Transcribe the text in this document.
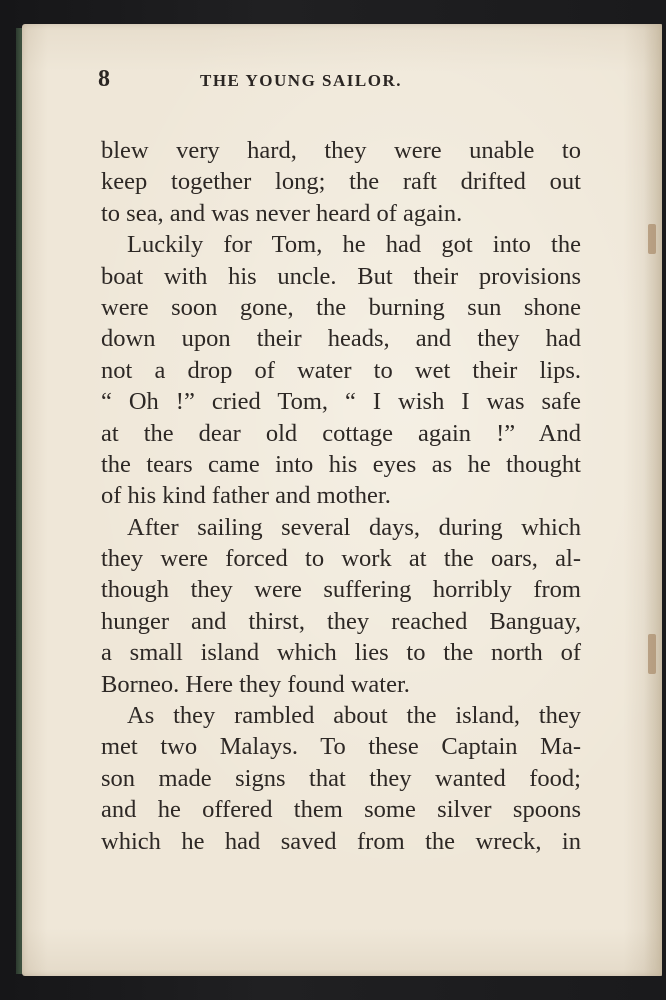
8	THE YOUNG SAILOR.
blew very hard, they were unable to
keep together long; the raft drifted out
to sea, and was never heard of again.
Luckily for Tom, he had got into the
boat with his uncle. But their provisions
were soon gone, the burning sun shone
down upon their heads, and they had
not a drop of water to wet their lips.
“ Oh !” cried Tom, “ I wish I was safe
at the dear old cottage again !” And
the tears came into his eyes as he thought
of his kind father and mother.
After sailing several days, during which
they were forced to work at the oars, al-
though they were suffering horribly from
hunger and thirst, they reached Banguay,
a small island which lies to the north of
Borneo. Here they found water.
As they rambled about the island, they
met two Malays. To these Captain Ma-
son made signs that they wanted food;
and he offered them some silver spoons
which he had saved from the wreck, in
